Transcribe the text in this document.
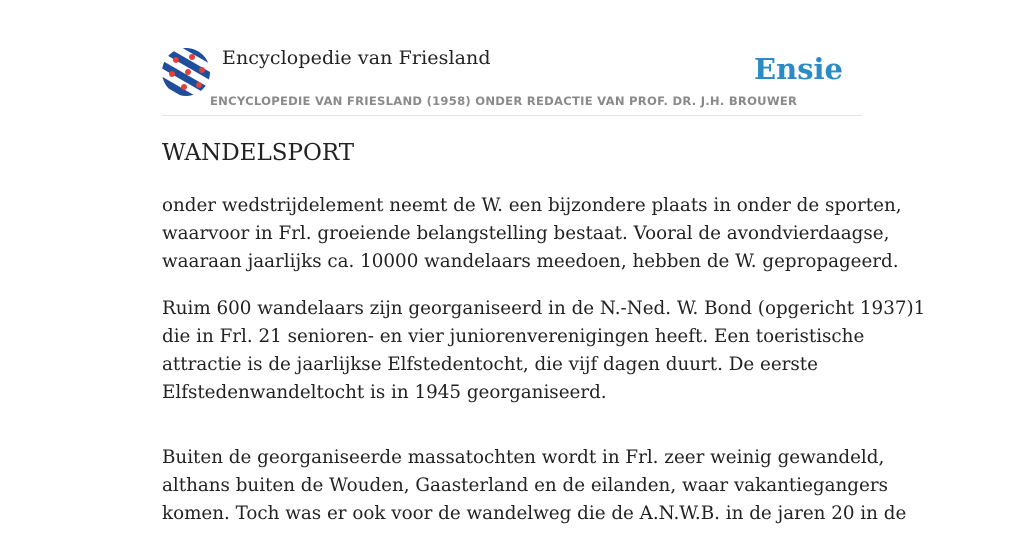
Encyclopedie van Friesland	Ensie
ENCYCLOPEDIE VAN FRIESLAND (1958) ONDER REDACTIE VAN PROF. DR. J.H. BROUWER
WANDELSPORT

onder wedstrijdelement neemt de W. een bijzondere plaats in onder de sporten,
waarvoor in Frl. groeiende belangstelling bestaat. Vooral de avondvierdaagse,
waaraan jaarlijks ca. 10000 wandelaars meedoen, hebben de W. gepropageerd.

Ruim 600 wandelaars zijn georganiseerd in de N.-Ned. W. Bond (opgericht 1937)1
die in Frl. 21 senioren- en vier juniorenverenigingen heeft. Een toeristische
attractie is de jaarlijkse Elfstedentocht, die vijf dagen duurt. De eerste
Elfstedenwandeltocht is in 1945 georganiseerd.

Buiten de georganiseerde massatochten wordt in Frl. zeer weinig gewandeld,
althans buiten de Wouden, Gaasterland en de eilanden, waar vakantiegangers
komen. Toch was er ook voor de wandelweg die de A.N.W.B. in de jaren 20 in de
